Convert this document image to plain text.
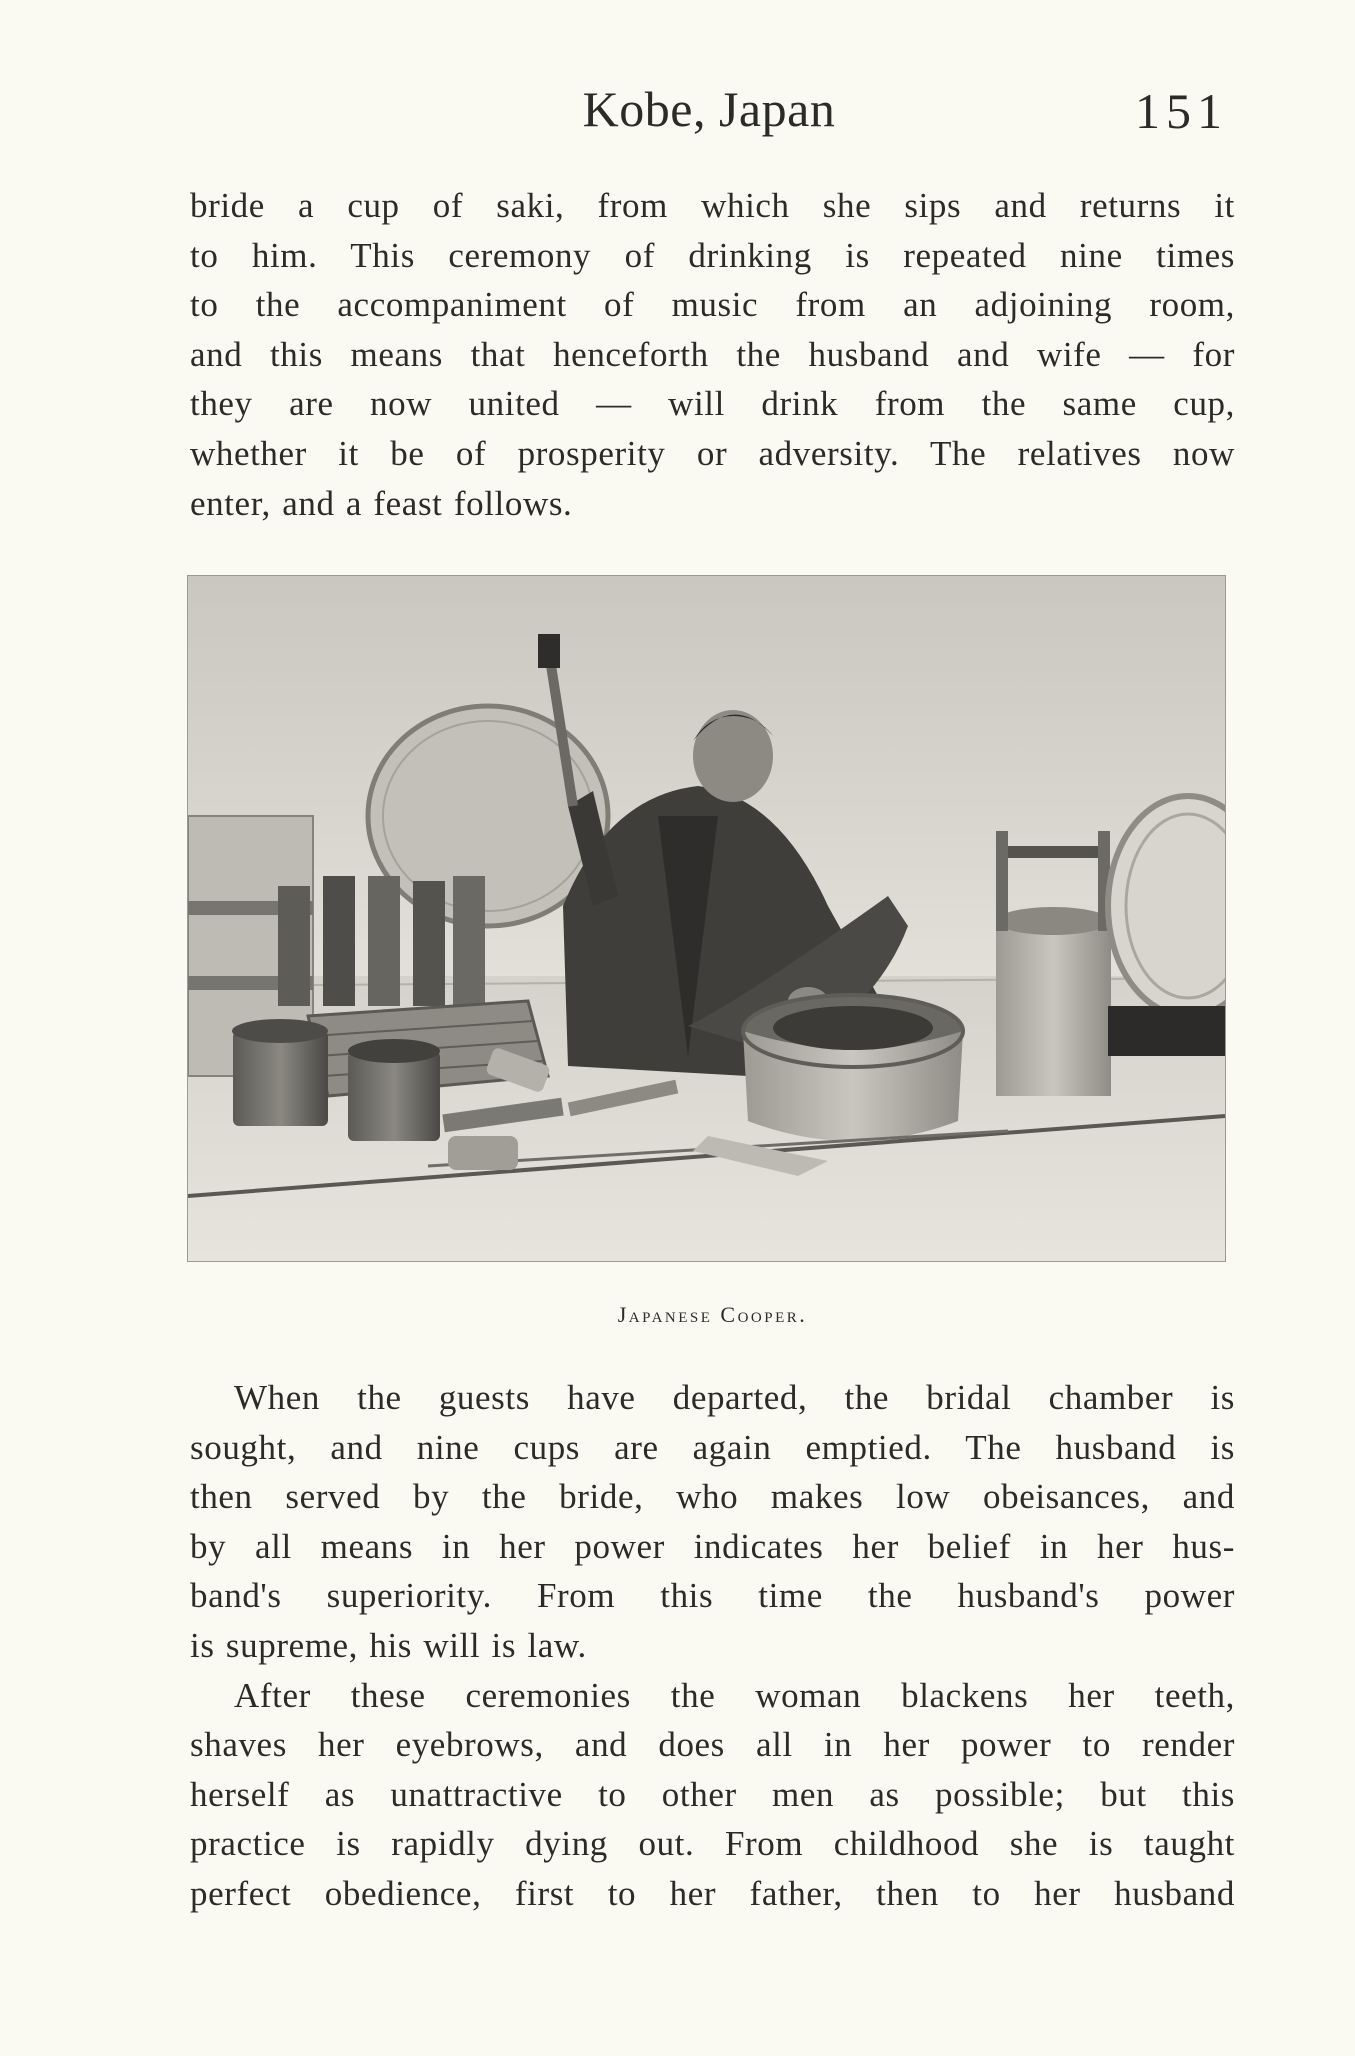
Kobe, Japan	151
bride a cup of saki, from which she sips and returns it
to him. This ceremony of drinking is repeated nine times
to the accompaniment of music from an adjoining room,
and this means that henceforth the husband and wife — for
they are now united — will drink from the same cup,
whether it be of prosperity or adversity. The relatives now
enter, and a feast follows.
Japanese Cooper.
When the guests have departed, the bridal chamber is
sought, and nine cups are again emptied. The husband is
then served by the bride, who makes low obeisances, and
by all means in her power indicates her belief in her hus-
band's superiority. From this time the husband's power
is supreme, his will is law.
After these ceremonies the woman blackens her teeth,
shaves her eyebrows, and does all in her power to render
herself as unattractive to other men as possible; but this
practice is rapidly dying out. From childhood she is taught
perfect obedience, first to her father, then to her husband
